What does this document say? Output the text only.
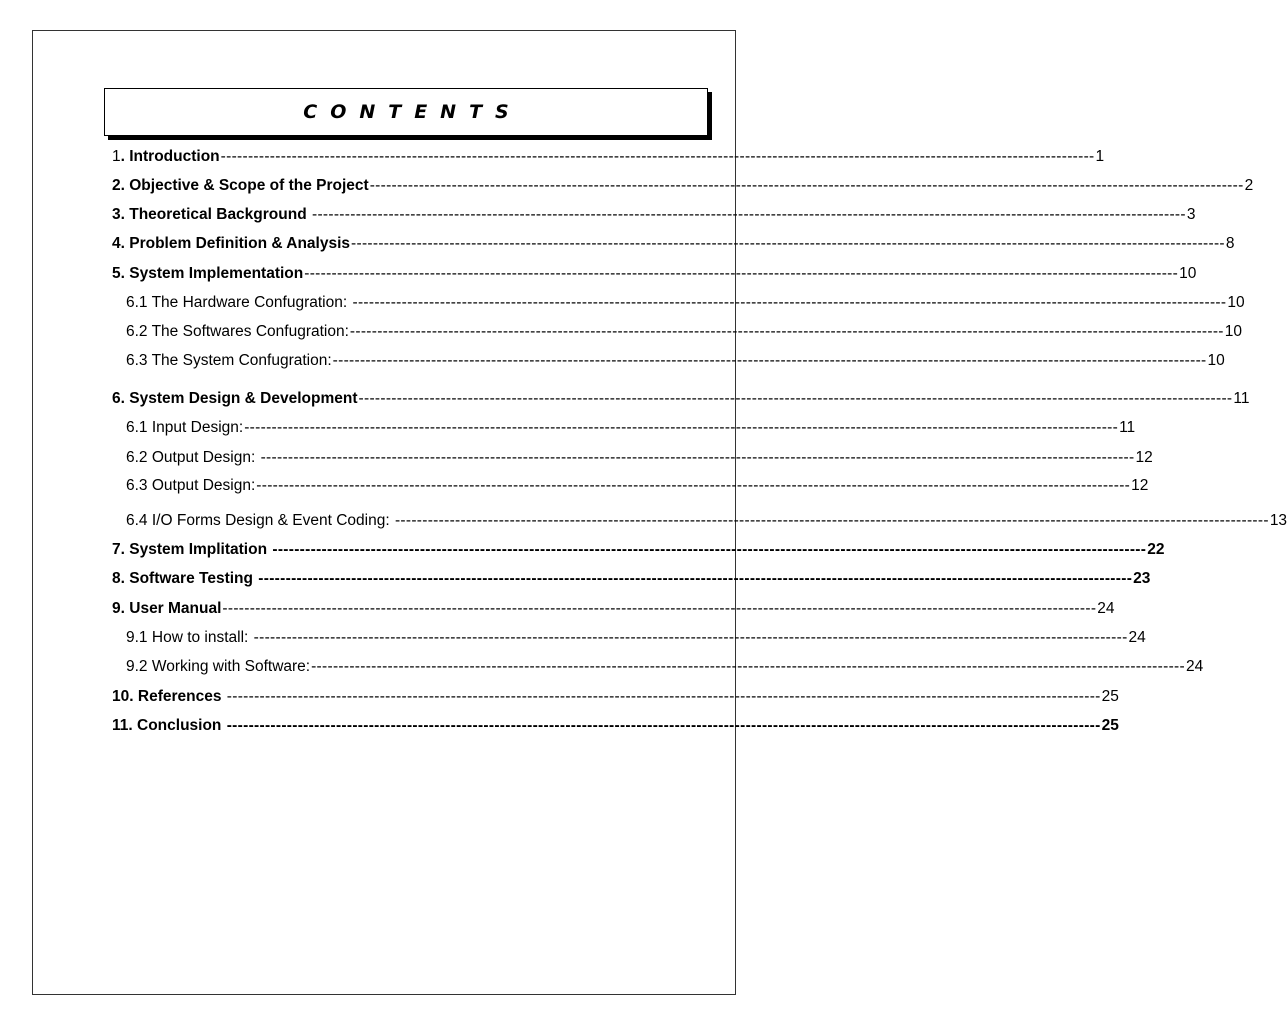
CONTENTS
1. Introduction ---------------------------------------------------------------------------------------------------------------------------------------------------------------- 1
2. Objective & Scope of the Project ---------------------------------------------------------------------------------------------------------------------------------------------------------------- 2
3. Theoretical Background ---------------------------------------------------------------------------------------------------------------------------------------------------------------- 3
4. Problem Definition & Analysis ---------------------------------------------------------------------------------------------------------------------------------------------------------------- 8
5. System Implementation ---------------------------------------------------------------------------------------------------------------------------------------------------------------- 10
6.1 The Hardware Confugration: ---------------------------------------------------------------------------------------------------------------------------------------------------------------- 10
6.2 The Softwares Confugration: ---------------------------------------------------------------------------------------------------------------------------------------------------------------- 10
6.3 The System Confugration: ---------------------------------------------------------------------------------------------------------------------------------------------------------------- 10
6. System Design & Development ---------------------------------------------------------------------------------------------------------------------------------------------------------------- 11
6.1 Input Design: ---------------------------------------------------------------------------------------------------------------------------------------------------------------- 11
6.2 Output Design: ---------------------------------------------------------------------------------------------------------------------------------------------------------------- 12
6.3 Output Design: ---------------------------------------------------------------------------------------------------------------------------------------------------------------- 12
6.4 I/O Forms Design & Event Coding: ---------------------------------------------------------------------------------------------------------------------------------------------------------------- 13
7. System Implitation ---------------------------------------------------------------------------------------------------------------------------------------------------------------- 22
8. Software Testing ---------------------------------------------------------------------------------------------------------------------------------------------------------------- 23
9. User Manual ---------------------------------------------------------------------------------------------------------------------------------------------------------------- 24
9.1 How to install: ---------------------------------------------------------------------------------------------------------------------------------------------------------------- 24
9.2 Working with Software: ---------------------------------------------------------------------------------------------------------------------------------------------------------------- 24
10. References ---------------------------------------------------------------------------------------------------------------------------------------------------------------- 25
11. Conclusion ---------------------------------------------------------------------------------------------------------------------------------------------------------------- 25
